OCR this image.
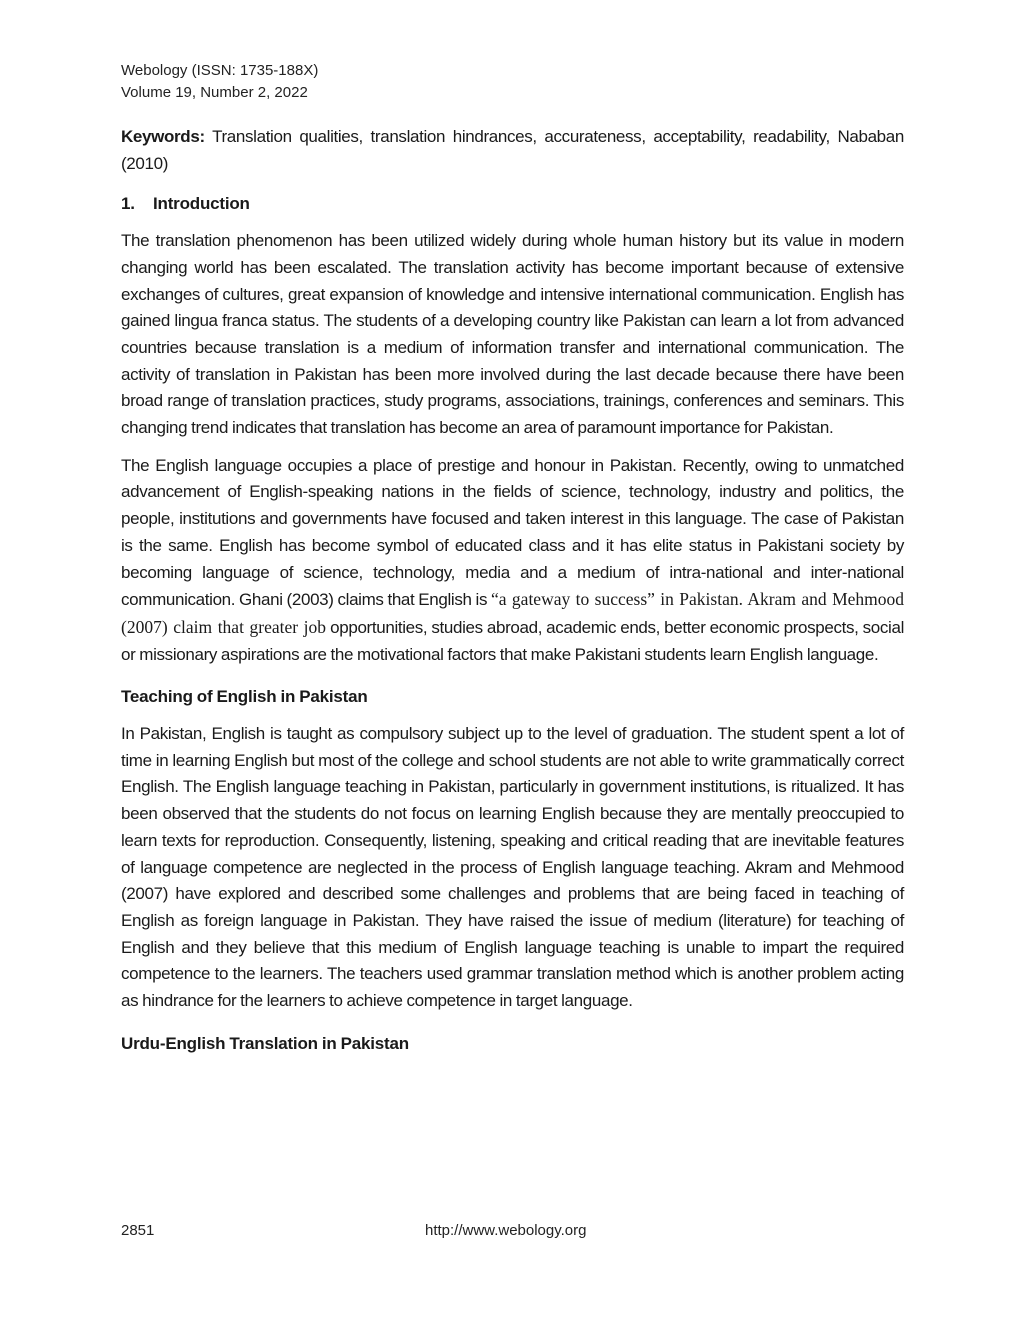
Webology (ISSN: 1735-188X)
Volume 19, Number 2, 2022

Keywords: Translation qualities, translation hindrances, accurateness, acceptability, readability, Nababan (2010)

1. Introduction

The translation phenomenon has been utilized widely during whole human history but its value in modern changing world has been escalated. The translation activity has become important because of extensive exchanges of cultures, great expansion of knowledge and intensive international communication. English has gained lingua franca status. The students of a developing country like Pakistan can learn a lot from advanced countries because translation is a medium of information transfer and international communication. The activity of translation in Pakistan has been more involved during the last decade because there have been broad range of translation practices, study programs, associations, trainings, conferences and seminars. This changing trend indicates that translation has become an area of paramount importance for Pakistan.

The English language occupies a place of prestige and honour in Pakistan. Recently, owing to unmatched advancement of English-speaking nations in the fields of science, technology, industry and politics, the people, institutions and governments have focused and taken interest in this language. The case of Pakistan is the same. English has become symbol of educated class and it has elite status in Pakistani society by becoming language of science, technology, media and a medium of intra-national and inter-national communication. Ghani (2003) claims that English is “a gateway to success” in Pakistan. Akram and Mehmood (2007) claim that greater job opportunities, studies abroad, academic ends, better economic prospects, social or missionary aspirations are the motivational factors that make Pakistani students learn English language.

Teaching of English in Pakistan

In Pakistan, English is taught as compulsory subject up to the level of graduation. The student spent a lot of time in learning English but most of the college and school students are not able to write grammatically correct English. The English language teaching in Pakistan, particularly in government institutions, is ritualized. It has been observed that the students do not focus on learning English because they are mentally preoccupied to learn texts for reproduction. Consequently, listening, speaking and critical reading that are inevitable features of language competence are neglected in the process of English language teaching. Akram and Mehmood (2007) have explored and described some challenges and problems that are being faced in teaching of English as foreign language in Pakistan. They have raised the issue of medium (literature) for teaching of English and they believe that this medium of English language teaching is unable to impart the required competence to the learners. The teachers used grammar translation method which is another problem acting as hindrance for the learners to achieve competence in target language.

Urdu-English Translation in Pakistan
2851	http://www.webology.org
